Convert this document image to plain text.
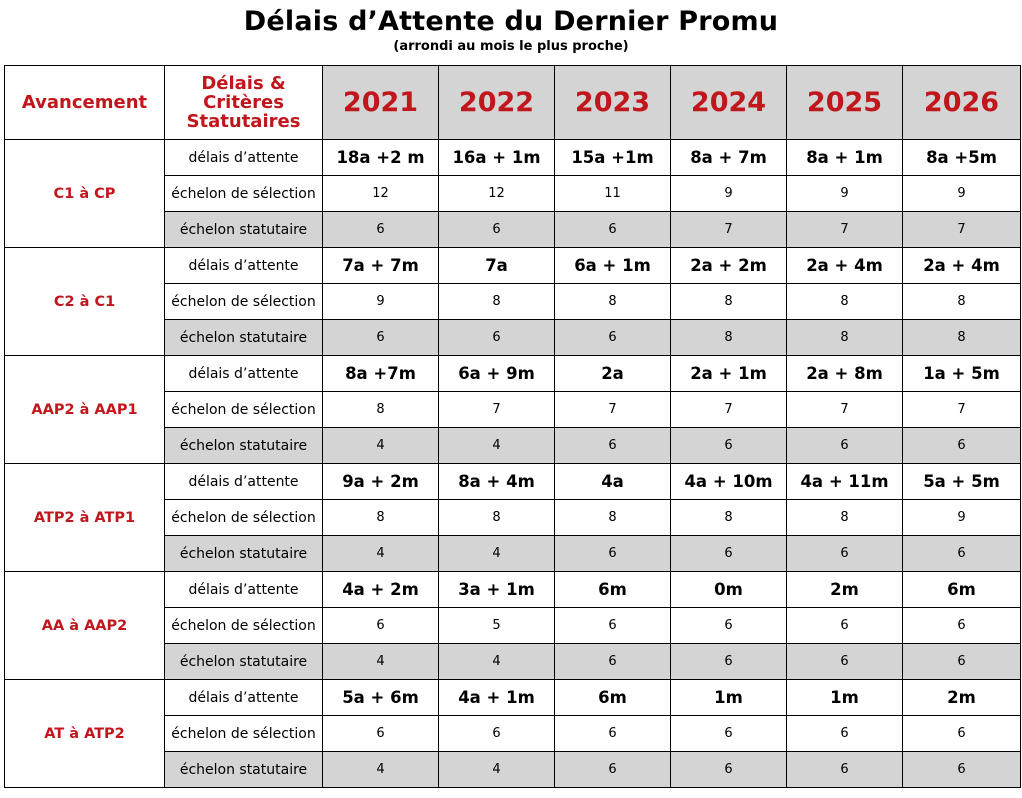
Délais d’Attente du Dernier Promu
(arrondi au mois le plus proche)
Avancement	Délais & Critères Statutaires	2021	2022	2023	2024	2025	2026
C1 à CP	délais d’attente	18a +2 m	16a + 1m	15a +1m	8a + 7m	8a + 1m	8a +5m
	échelon de sélection	12	12	11	9	9	9
	échelon statutaire	6	6	6	7	7	7
C2 à C1	délais d’attente	7a + 7m	7a	6a + 1m	2a + 2m	2a + 4m	2a + 4m
	échelon de sélection	9	8	8	8	8	8
	échelon statutaire	6	6	6	8	8	8
AAP2 à AAP1	délais d’attente	8a +7m	6a + 9m	2a	2a + 1m	2a + 8m	1a + 5m
	échelon de sélection	8	7	7	7	7	7
	échelon statutaire	4	4	6	6	6	6
ATP2 à ATP1	délais d’attente	9a + 2m	8a + 4m	4a	4a + 10m	4a + 11m	5a + 5m
	échelon de sélection	8	8	8	8	8	9
	échelon statutaire	4	4	6	6	6	6
AA à AAP2	délais d’attente	4a + 2m	3a + 1m	6m	0m	2m	6m
	échelon de sélection	6	5	6	6	6	6
	échelon statutaire	4	4	6	6	6	6
AT à ATP2	délais d’attente	5a + 6m	4a + 1m	6m	1m	1m	2m
	échelon de sélection	6	6	6	6	6	6
	échelon statutaire	4	4	6	6	6	6
